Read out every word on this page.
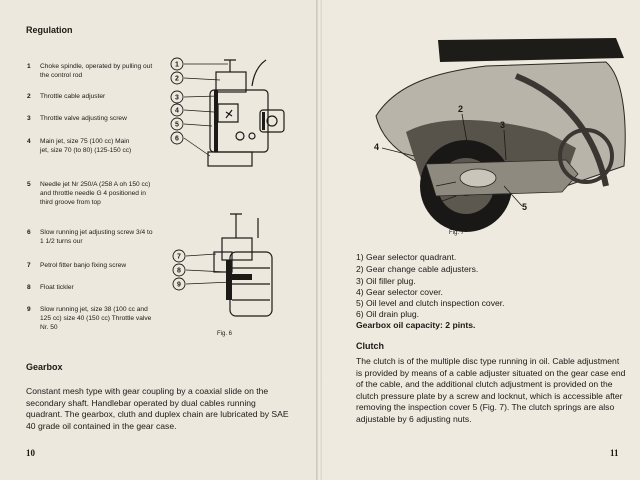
Regulation
1 Choke spindle, operated by pulling out the control rod
2 Throttle cable adjuster
3 Throttle valve adjusting screw
4 Main jet, size 75 (100 cc) Main jet, size 70 (to 80) (125-150 cc)
5 Needle jet Nr 250/A (258 A oh 150 cc) and throttle needle G 4 positioned in third groove from top
6 Slow running jet adjusting screw 3/4 to 1 1/2 turns our
7 Petrol fitter banjo fixing screw
8 Float tickler
9 Slow running jet, size 38 (100 cc and 125 cc) size 40 (150 cc) Throttle valve Nr. 50
1
2
3
4
5
6
7
8
9
Fig. 6
Gearbox
Constant mesh type with gear coupling by a coaxial slide on the secondary shaft. Handlebar operated by dual cables running quadrant. The gearbox, cluth and duplex chain are lubricated by SAE 40 grade oil contained in the gear case.
10
1
2
3
4
5
6
Fig. 7
1) Gear selector quadrant.
2) Gear change cable adjusters.
3) Oil filler plug.
4) Gear selector cover.
5) Oil level and clutch inspection cover.
6) Oil drain plug.
Gearbox oil capacity: 2 pints.
Clutch
The clutch is of the multiple disc type running in oil. Cable adjustment is provided by means of a cable adjuster situated on the gear case end of the cable, and the additional clutch adjustment is provided on the clutch pressure plate by a screw and locknut, which is accessible after removing the inspection cover 5 (Fig. 7). The clutch springs are also adjustable by 6 adjusting nuts.
11
